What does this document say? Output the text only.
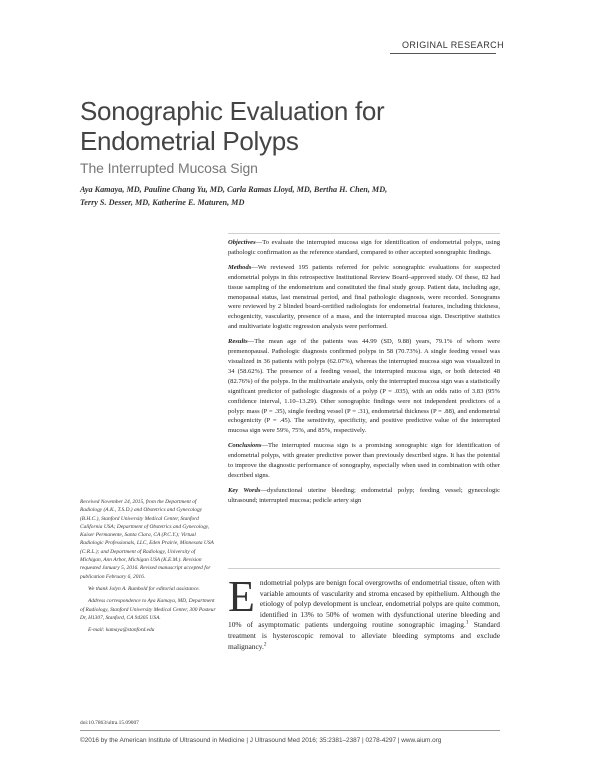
ORIGINAL RESEARCH
Sonographic Evaluation for
Endometrial Polyps
The Interrupted Mucosa Sign
Aya Kamaya, MD, Pauline Chang Yu, MD, Carla Ramas Lloyd, MD, Bertha H. Chen, MD,
Terry S. Desser, MD, Katherine E. Maturen, MD

Objectives—To evaluate the interrupted mucosa sign for identification of endometrial polyps, using pathologic confirmation as the reference standard, compared to other accepted sonographic findings.

Methods—We reviewed 195 patients referred for pelvic sonographic evaluations for suspected endometrial polyps in this retrospective Institutional Review Board–approved study. Of these, 82 had tissue sampling of the endometrium and constituted the final study group. Patient data, including age, menopausal status, last menstrual period, and final pathologic diagnosis, were recorded. Sonograms were reviewed by 2 blinded board-certified radiologists for endometrial features, including thickness, echogenicity, vascularity, presence of a mass, and the interrupted mucosa sign. Descriptive statistics and multivariate logistic regression analysis were performed.

Results—The mean age of the patients was 44.99 (SD, 9.88) years, 79.1% of whom were premenopausal. Pathologic diagnosis confirmed polyps in 58 (70.73%). A single feeding vessel was visualized in 36 patients with polyps (62.07%), whereas the interrupted mucosa sign was visualized in 34 (58.62%). The presence of a feeding vessel, the interrupted mucosa sign, or both detected 48 (82.76%) of the polyps. In the multivariate analysis, only the interrupted mucosa sign was a statistically significant predictor of pathologic diagnosis of a polyp (P = .035), with an odds ratio of 3.83 (95% confidence interval, 1.10–13.29). Other sonographic findings were not independent predictors of a polyp: mass (P = .35), single feeding vessel (P = .31), endometrial thickness (P = .88), and endometrial echogenicity (P = .45). The sensitivity, specificity, and positive predictive value of the interrupted mucosa sign were 59%, 75%, and 85%, respectively.

Conclusions—The interrupted mucosa sign is a promising sonographic sign for identification of endometrial polyps, with greater predictive power than previously described signs. It has the potential to improve the diagnostic performance of sonography, especially when used in combination with other described signs.

Key Words—dysfunctional uterine bleeding; endometrial polyp; feeding vessel; gynecologic ultrasound; interrupted mucosa; pedicle artery sign

Received November 24, 2015, from the Department of Radiology (A.K., T.S.D.) and Obstetrics and Gynecology (B.H.C.), Stanford University Medical Center, Stanford California USA; Department of Obstetrics and Gynecology, Kaiser Permanente, Santa Clara, CA (P.C.Y.); Virtual Radiologic Professionals, LLC, Eden Prairie, Minnesota USA (C.R.L.); and Department of Radiology, University of Michigan, Ann Arbor, Michigan USA (K.E.M.). Revision requested January 5, 2016. Revised manuscript accepted for publication February 6, 2016.

We thank Jolyn A. Rumbold for editorial assistance.

Address correspondence to Aya Kamaya, MD, Department of Radiology, Stanford University Medical Center, 300 Pasteur Dr, H1307, Stanford, CA 94305 USA.

E-mail: kamaya@stanford.edu

doi:10.7863/ultra.15.09007

Endometrial polyps are benign focal overgrowths of endometrial tissue, often with variable amounts of vascularity and stroma encased by epithelium. Although the etiology of polyp development is unclear, endometrial polyps are quite common, identified in 13% to 50% of women with dysfunctional uterine bleeding and 10% of asymptomatic patients undergoing routine sonographic imaging.$^1$ Standard treatment is hysteroscopic removal to alleviate bleeding symptoms and exclude malignancy.$^2$

©2016 by the American Institute of Ultrasound in Medicine | J Ultrasound Med 2016; 35:2381–2387 | 0278-4297 | www.aium.org
